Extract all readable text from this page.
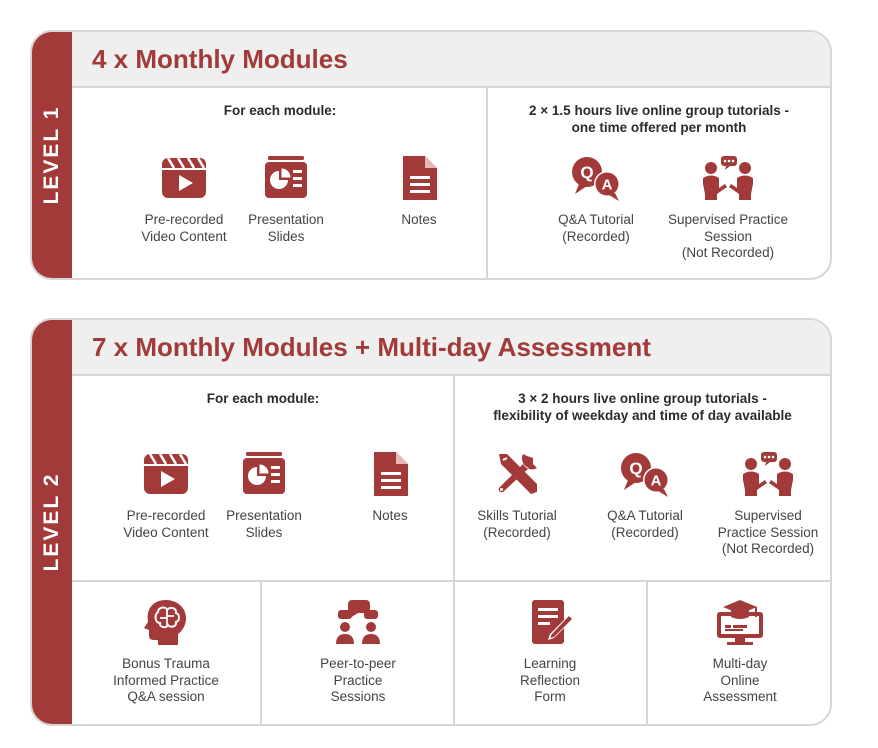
LEVEL 1
4 x Monthly Modules
For each module:
Pre-recorded
Video Content
Presentation
Slides
Notes
2 × 1.5 hours live online group tutorials -
one time offered per month
Q&A Tutorial
(Recorded)
Supervised Practice
Session
(Not Recorded)
LEVEL 2
7 x Monthly Modules + Multi-day Assessment
For each module:
Pre-recorded
Video Content
Presentation
Slides
Notes
3 × 2 hours live online group tutorials -
flexibility of weekday and time of day available
Skills Tutorial
(Recorded)
Q&A Tutorial
(Recorded)
Supervised
Practice Session
(Not Recorded)
Bonus Trauma
Informed Practice
Q&A session
Peer-to-peer
Practice
Sessions
Learning
Reflection
Form
Multi-day
Online
Assessment
